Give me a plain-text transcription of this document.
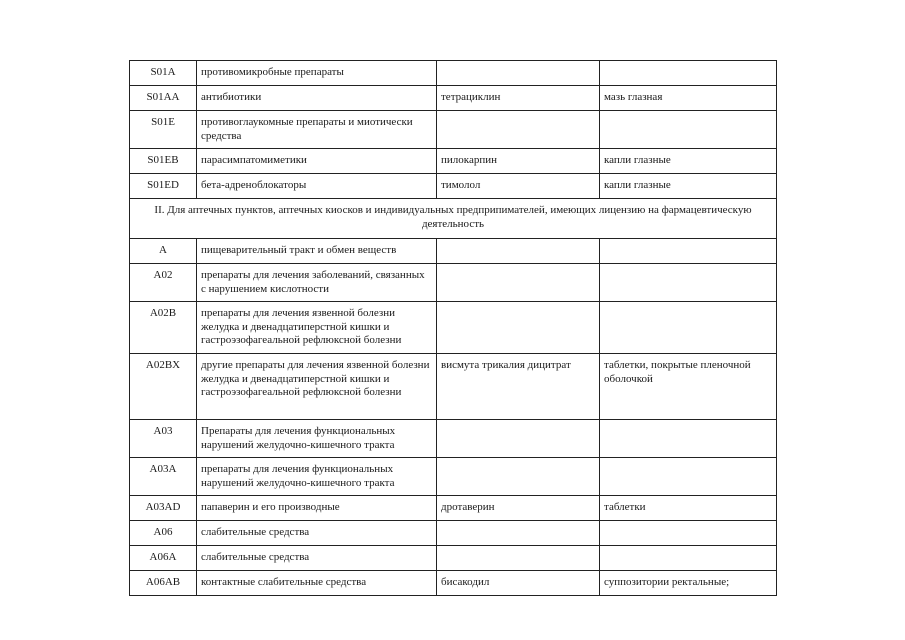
S01A	противомикробные препараты		
S01AA	антибиотики	тетрациклин	мазь глазная
S01E	противоглаукомные препараты и миотически средства		
S01EB	парасимпатомиметики	пилокарпин	капли глазные
S01ED	бета-адреноблокаторы	тимолол	капли глазные
II. Для аптечных пунктов, аптечных киосков и индивидуальных предприпимателей, имеющих лицензию на фармацевтическую деятельность			
A	пищеварительный тракт и обмен веществ		
A02	препараты для лечения заболеваний, связанных с нарушением кислотности		
A02B	препараты для лечения язвенной болезни желудка и двенадцатиперстной кишки и гастроэзофагеальной рефлюксной болезни		
A02BX	другие препараты для лечения язвенной болезни желудка и двенадцатиперстной кишки и гастроэзофагеальной рефлюксной болезни	висмута трикалия дицитрат	таблетки, покрытые пленочной оболочкой
A03	Препараты для лечения функциональных нарушений желудочно-кишечного тракта		
A03A	препараты для лечения функциональных нарушений желудочно-кишечного тракта		
A03AD	папаверин и его производные	дротаверин	таблетки
A06	слабительные средства		
A06A	слабительные средства		
A06AB	контактные слабительные средства	бисакодил	суппозитории ректальные;
